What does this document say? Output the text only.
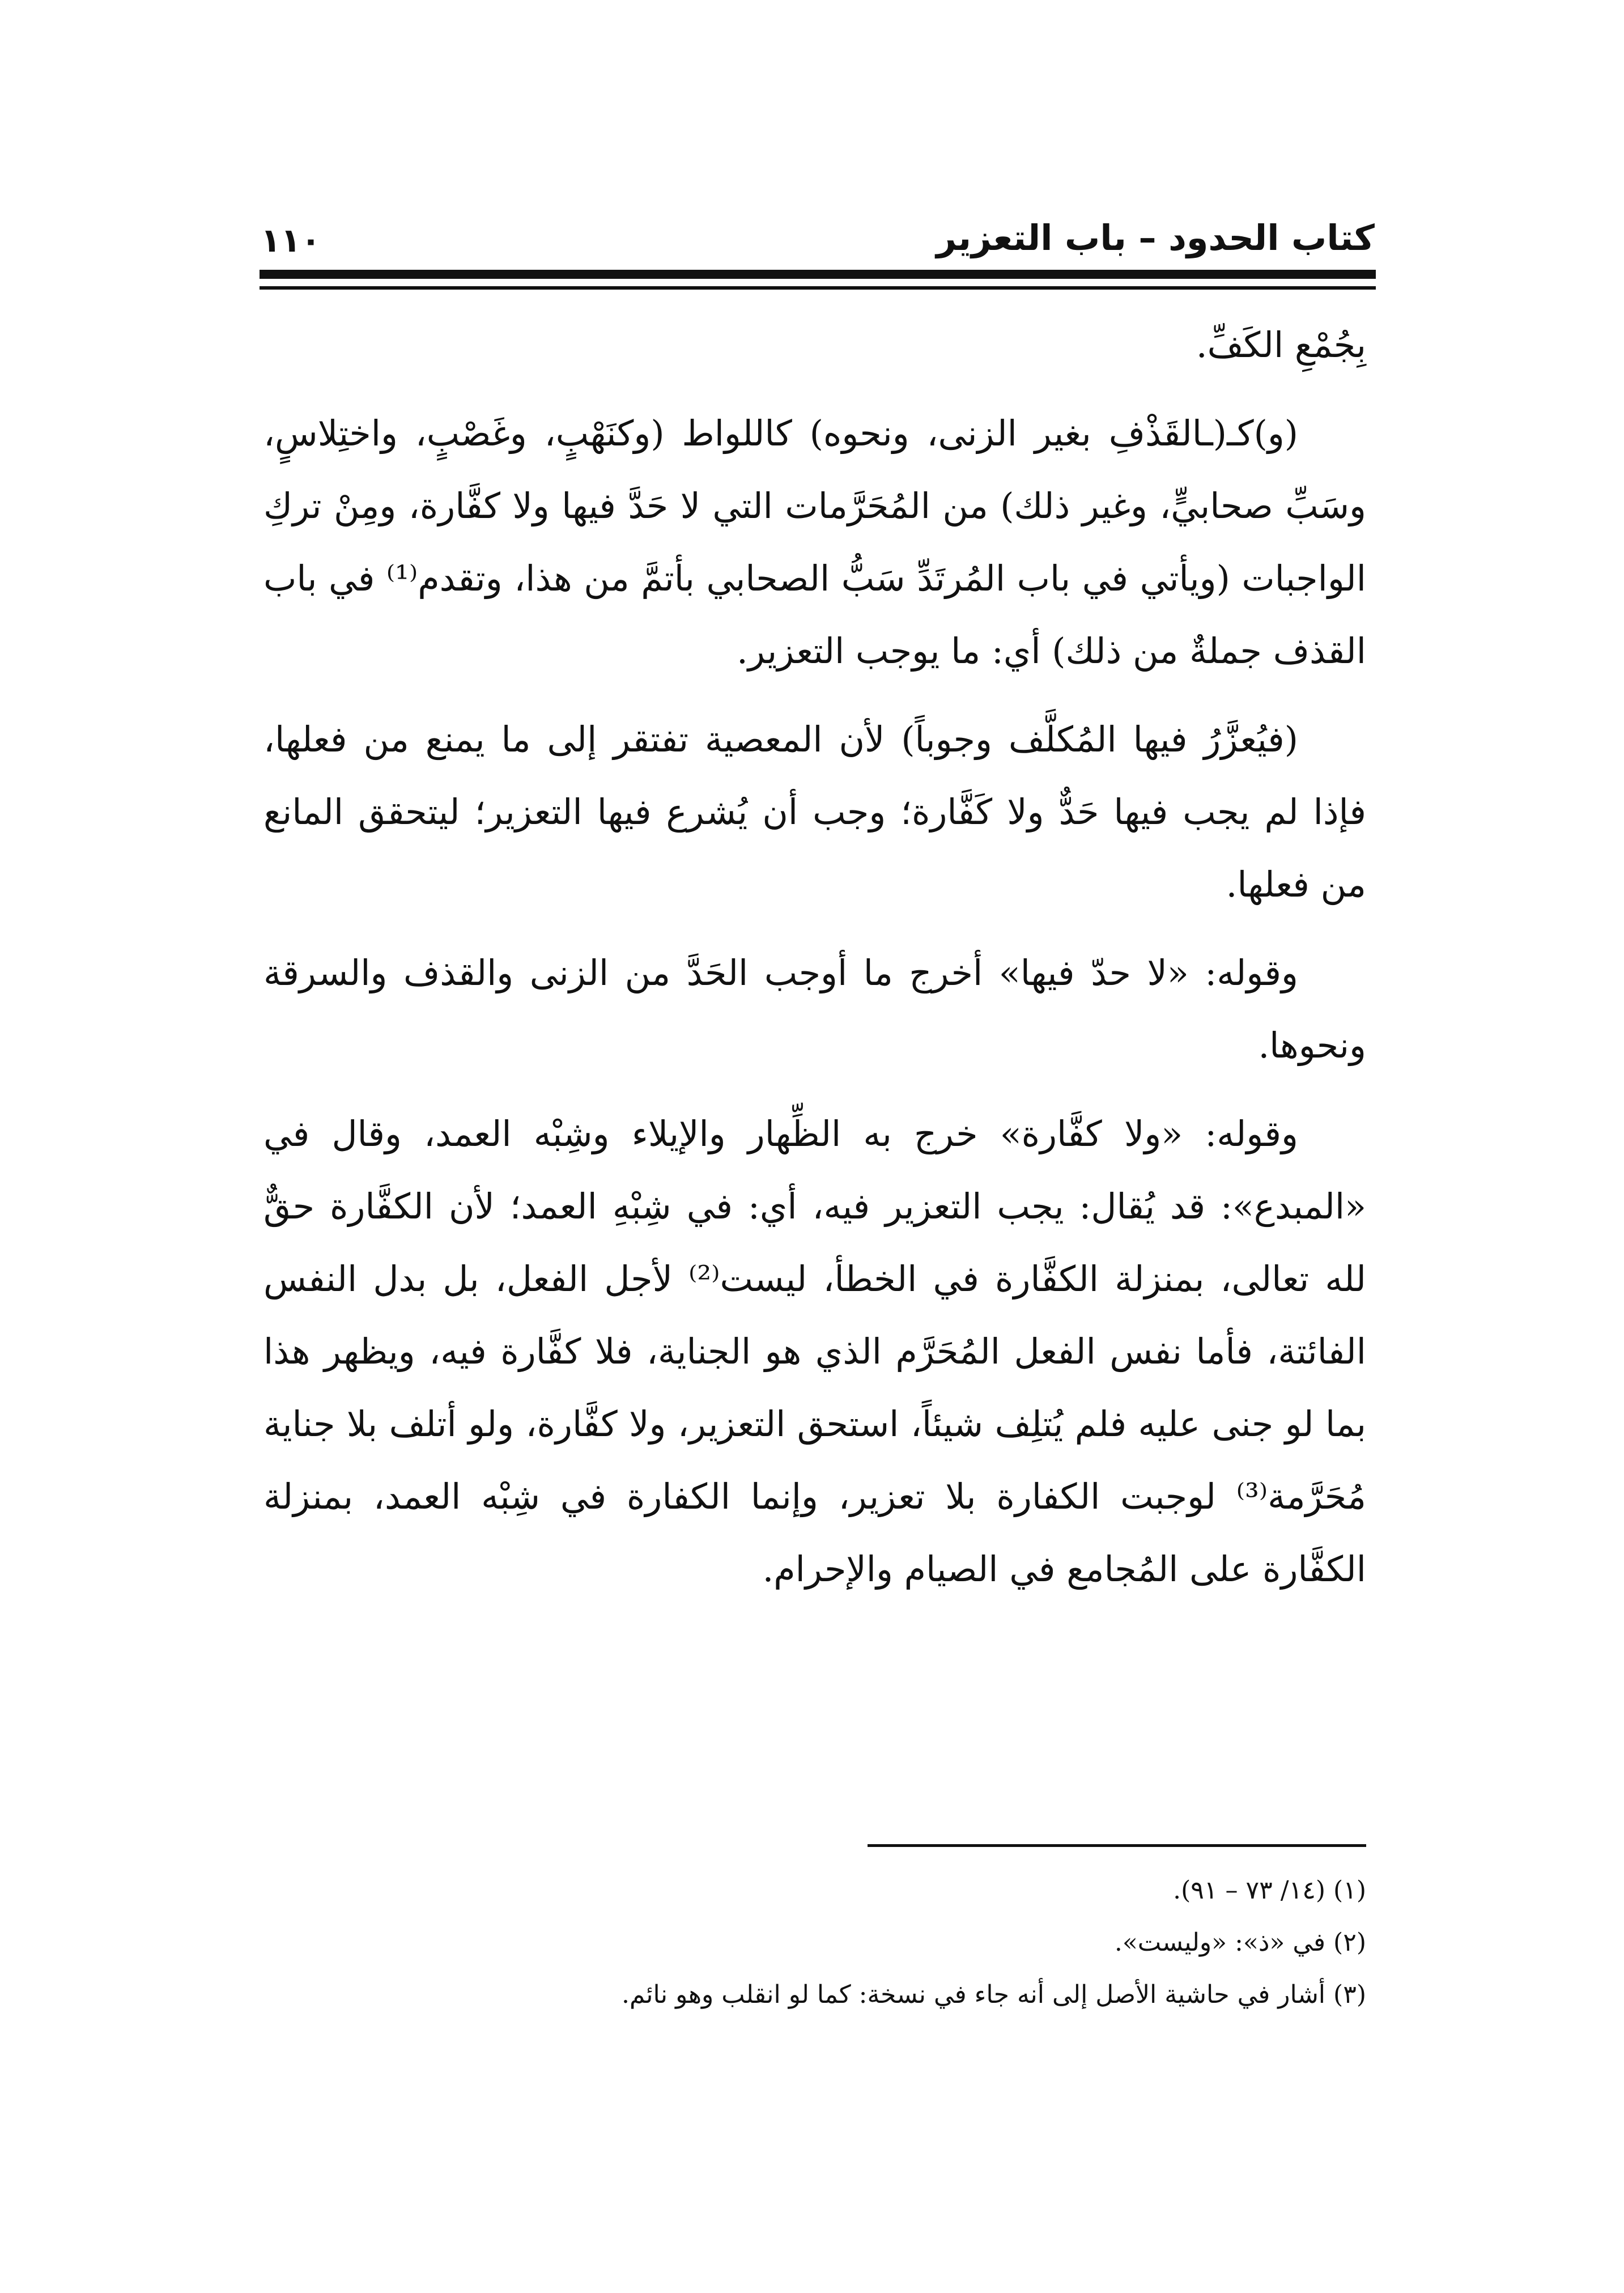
كتاب الحدود – باب التعزير
١١٠

بِجُمْعِ الكَفِّ.

(و)كـ(ـالقَذْفِ بغير الزنى، ونحوه) كاللواط (وكنَهْبٍ، وغَصْبٍ، واختِلاسٍ، وسَبِّ صحابيٍّ، وغير ذلك) من المُحَرَّمات التي لا حَدَّ فيها ولا كفَّارة، ومِنْ تركِ الواجبات (ويأتي في باب المُرتَدِّ سَبُّ الصحابي بأتمَّ من هذا، وتقدم⁽¹⁾ في باب القذف جملةٌ من ذلك) أي: ما يوجب التعزير.

(فيُعزَّرُ فيها المُكلَّف وجوباً) لأن المعصية تفتقر إلى ما يمنع من فعلها، فإذا لم يجب فيها حَدٌّ ولا كَفَّارة؛ وجب أن يُشرع فيها التعزير؛ ليتحقق المانع من فعلها.

وقوله: «لا حدّ فيها» أخرج ما أوجب الحَدَّ من الزنى والقذف والسرقة ونحوها.

وقوله: «ولا كفَّارة» خرج به الظِّهار والإيلاء وشِبْه العمد، وقال في «المبدع»: قد يُقال: يجب التعزير فيه، أي: في شِبْهِ العمد؛ لأن الكفَّارة حقٌّ لله تعالى، بمنزلة الكفَّارة في الخطأ، ليست⁽²⁾ لأجل الفعل، بل بدل النفس الفائتة، فأما نفس الفعل المُحَرَّم الذي هو الجناية، فلا كفَّارة فيه، ويظهر هذا بما لو جنى عليه فلم يُتلِف شيئاً، استحق التعزير، ولا كفَّارة، ولو أتلف بلا جناية مُحَرَّمة⁽³⁾ لوجبت الكفارة بلا تعزير، وإنما الكفارة في شِبْه العمد، بمنزلة الكفَّارة على المُجامع في الصيام والإحرام.

(١) (١٤/ ٧٣ – ٩١).

(٢) في «ذ»: «وليست».

(٣) أشار في حاشية الأصل إلى أنه جاء في نسخة: كما لو انقلب وهو نائم.
